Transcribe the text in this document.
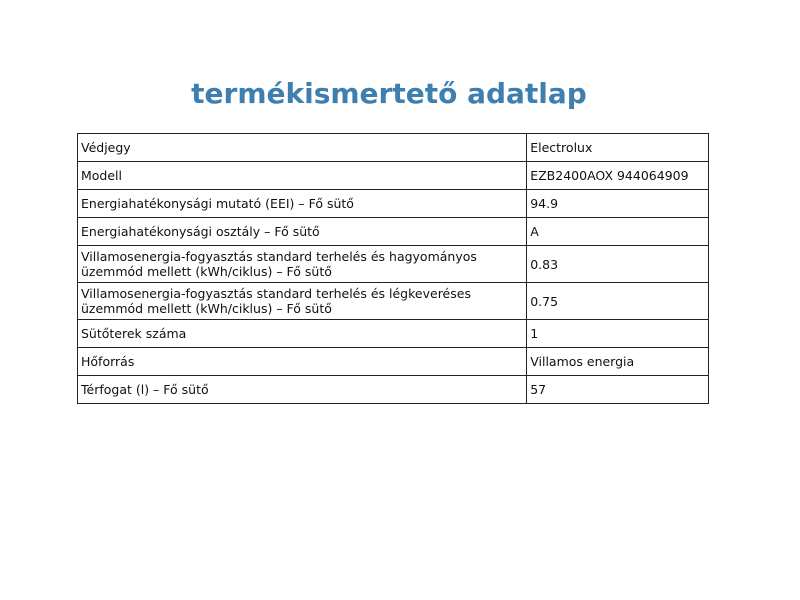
termékismertető adatlap
Védjegy	Electrolux
Modell	EZB2400AOX 944064909
Energiahatékonysági mutató (EEI) – Fő sütő	94.9
Energiahatékonysági osztály – Fő sütő	A
Villamosenergia-fogyasztás standard terhelés és hagyományos üzemmód mellett (kWh/ciklus) – Fő sütő	0.83
Villamosenergia-fogyasztás standard terhelés és légkeveréses üzemmód mellett (kWh/ciklus) – Fő sütő	0.75
Sütőterek száma	1
Hőforrás	Villamos energia
Térfogat (l) – Fő sütő	57
